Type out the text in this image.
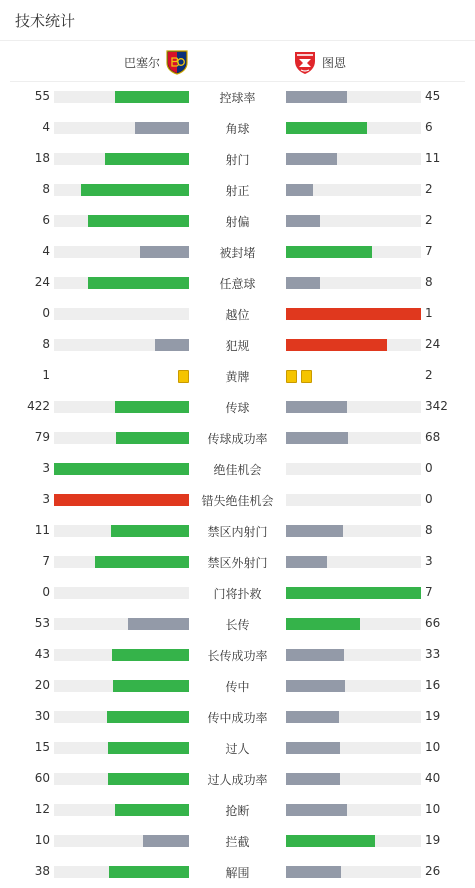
技术统计
巴塞尔	图恩
55	控球率	45
4	角球	6
18	射门	11
8	射正	2
6	射偏	2
4	被封堵	7
24	任意球	8
0	越位	1
8	犯规	24
1	黄牌	2
422	传球	342
79	传球成功率	68
3	绝佳机会	0
3	错失绝佳机会	0
11	禁区内射门	8
7	禁区外射门	3
0	门将扑救	7
53	长传	66
43	长传成功率	33
20	传中	16
30	传中成功率	19
15	过人	10
60	过人成功率	40
12	抢断	10
10	拦截	19
38	解围	26
